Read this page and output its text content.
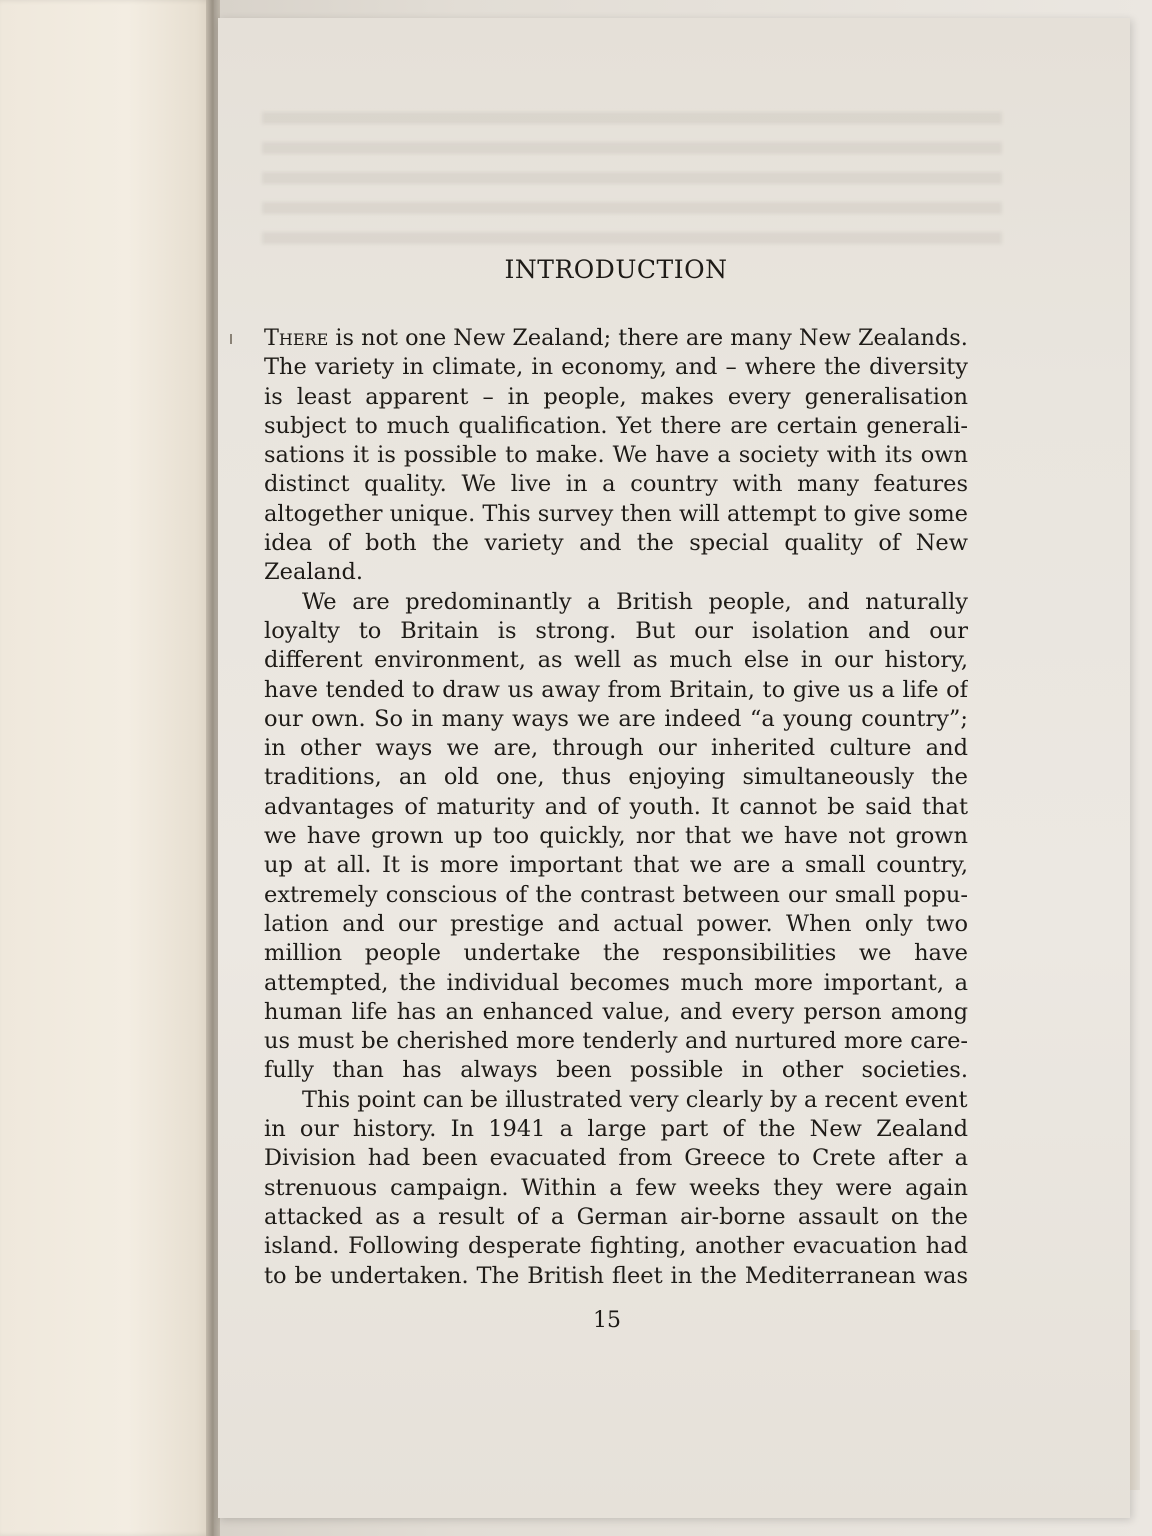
INTRODUCTION

There is not one New Zealand; there are many New Zealands.
The variety in climate, in economy, and – where the diversity
is least apparent – in people, makes every generalisation
subject to much qualification. Yet there are certain generali-
sations it is possible to make. We have a society with its own
distinct quality. We live in a country with many features
altogether unique. This survey then will attempt to give some
idea of both the variety and the special quality of New
Zealand.

We are predominantly a British people, and naturally
loyalty to Britain is strong. But our isolation and our
different environment, as well as much else in our history,
have tended to draw us away from Britain, to give us a life of
our own. So in many ways we are indeed “a young country”;
in other ways we are, through our inherited culture and
traditions, an old one, thus enjoying simultaneously the
advantages of maturity and of youth. It cannot be said that
we have grown up too quickly, nor that we have not grown
up at all. It is more important that we are a small country,
extremely conscious of the contrast between our small popu-
lation and our prestige and actual power. When only two
million people undertake the responsibilities we have
attempted, the individual becomes much more important, a
human life has an enhanced value, and every person among
us must be cherished more tenderly and nurtured more care-
fully than has always been possible in other societies.

This point can be illustrated very clearly by a recent event
in our history. In 1941 a large part of the New Zealand
Division had been evacuated from Greece to Crete after a
strenuous campaign. Within a few weeks they were again
attacked as a result of a German air-borne assault on the
island. Following desperate fighting, another evacuation had
to be undertaken. The British fleet in the Mediterranean was

15
